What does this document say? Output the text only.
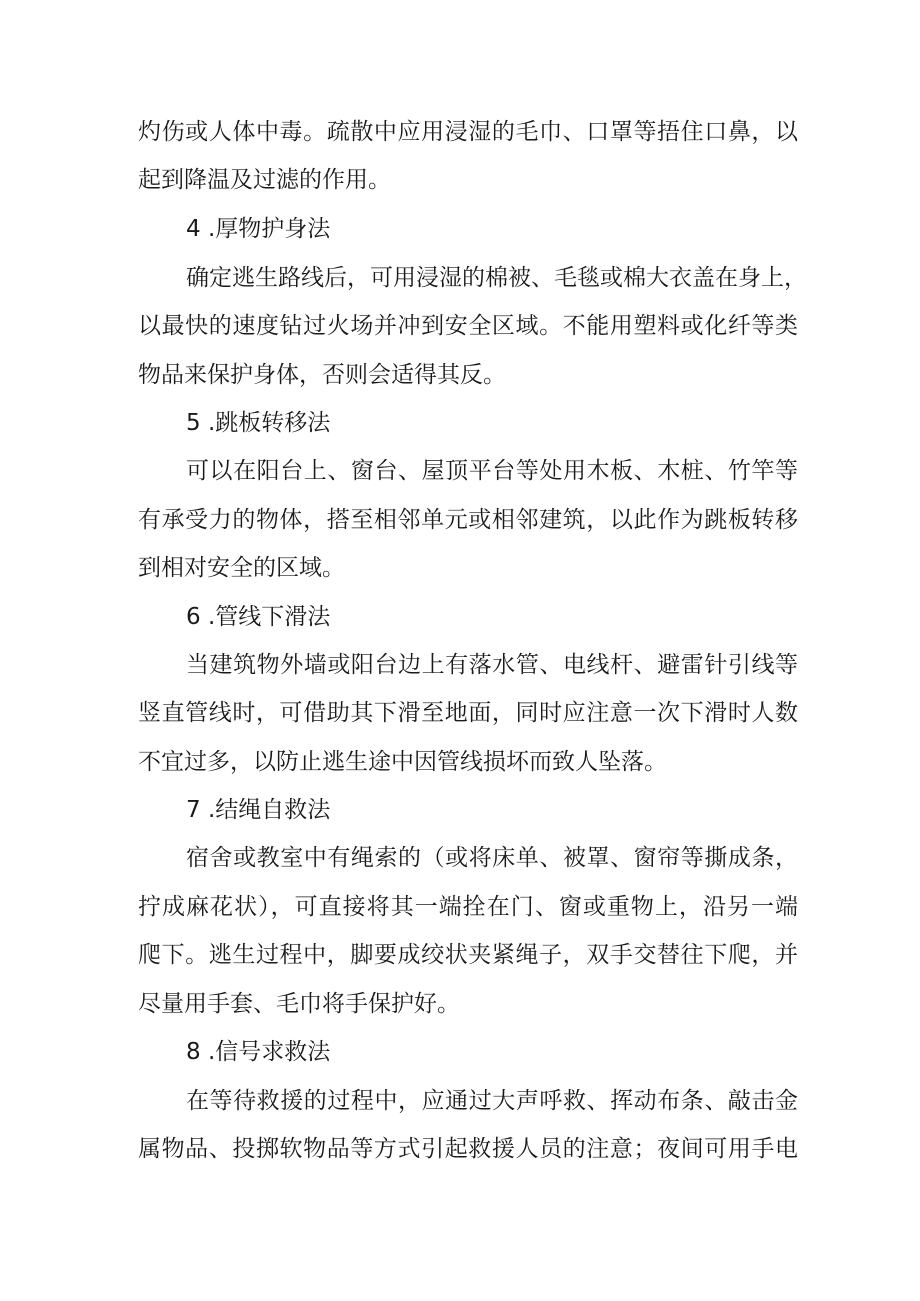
灼伤或人体中毒。疏散中应用浸湿的毛巾、口罩等捂住口鼻，以
起到降温及过滤的作用。
4 .厚物护身法
确定逃生路线后，可用浸湿的棉被、毛毯或棉大衣盖在身上，
以最快的速度钻过火场并冲到安全区域。不能用塑料或化纤等类
物品来保护身体，否则会适得其反。
5 .跳板转移法
可以在阳台上、窗台、屋顶平台等处用木板、木桩、竹竿等
有承受力的物体，搭至相邻单元或相邻建筑，以此作为跳板转移
到相对安全的区域。
6 .管线下滑法
当建筑物外墙或阳台边上有落水管、电线杆、避雷针引线等
竖直管线时，可借助其下滑至地面，同时应注意一次下滑时人数
不宜过多，以防止逃生途中因管线损坏而致人坠落。
7 .结绳自救法
宿舍或教室中有绳索的（或将床单、被罩、窗帘等撕成条，
拧成麻花状），可直接将其一端拴在门、窗或重物上，沿另一端
爬下。逃生过程中，脚要成绞状夹紧绳子，双手交替往下爬，并
尽量用手套、毛巾将手保护好。
8 .信号求救法
在等待救援的过程中，应通过大声呼救、挥动布条、敲击金
属物品、投掷软物品等方式引起救援人员的注意；夜间可用手电
